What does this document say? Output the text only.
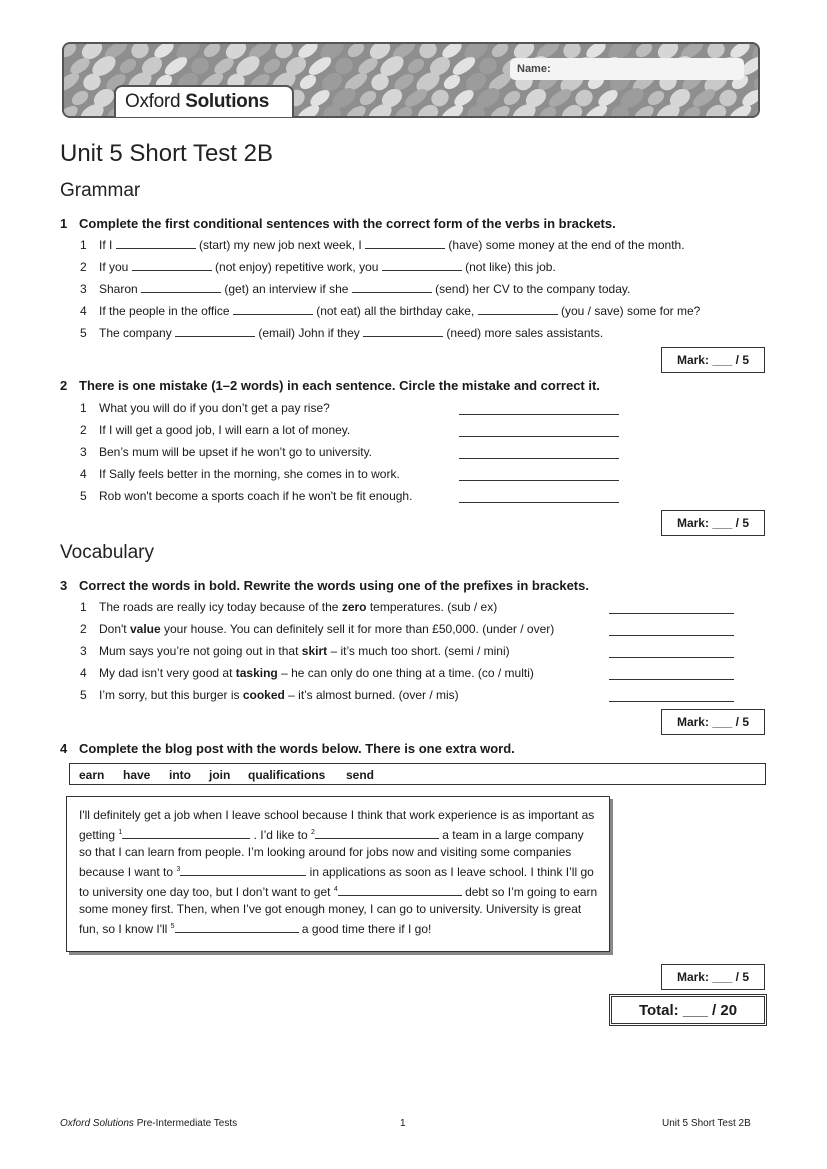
Name:
Oxford Solutions
Unit 5 Short Test 2B
Grammar
1 Complete the first conditional sentences with the correct form of the verbs in brackets.
1 If I	(start) my new job next week, I	(have) some money at the end of the month.
2 If you	(not enjoy) repetitive work, you	(not like) this job.
3 Sharon	(get) an interview if she	(send) her CV to the company today.
4 If the people in the office	(not eat) all the birthday cake,	(you / save) some for me?
5 The company	(email) John if they	(need) more sales assistants.
Mark: ___ / 5
2 There is one mistake (1–2 words) in each sentence. Circle the mistake and correct it.
1 What you will do if you don’t get a pay rise?
2 If I will get a good job, I will earn a lot of money.
3 Ben’s mum will be upset if he won’t go to university.
4 If Sally feels better in the morning, she comes in to work.
5 Rob won't become a sports coach if he won't be fit enough.
Mark: ___ / 5
Vocabulary
3 Correct the words in bold. Rewrite the words using one of the prefixes in brackets.
1 The roads are really icy today because of the zero temperatures. (sub / ex)
2 Don't value your house. You can definitely sell it for more than £50,000. (under / over)
3 Mum says you’re not going out in that skirt – it’s much too short. (semi / mini)
4 My dad isn’t very good at tasking – he can only do one thing at a time. (co / multi)
5 I’m sorry, but this burger is cooked – it’s almost burned. (over / mis)
Mark: ___ / 5
4 Complete the blog post with the words below. There is one extra word.
earn have into join qualifications send

I'll definitely get a job when I leave school because I think that work experience is as important as getting $^1$	. I’d like to $^2$	a team in a large company so that I can learn from people. I’m looking around for jobs now and visiting some companies because I want to $^3$	in applications as soon as I leave school. I think I’ll go to university one day too, but I don’t want to get $^4$	debt so I’m going to earn some money first. Then, when I’ve got enough money, I can go to university. University is great fun, so I know I'll $^5$	a good time there if I go!

Mark: ___ / 5
Total: ___ / 20
Oxford Solutions Pre-Intermediate Tests	1	Unit 5 Short Test 2B
